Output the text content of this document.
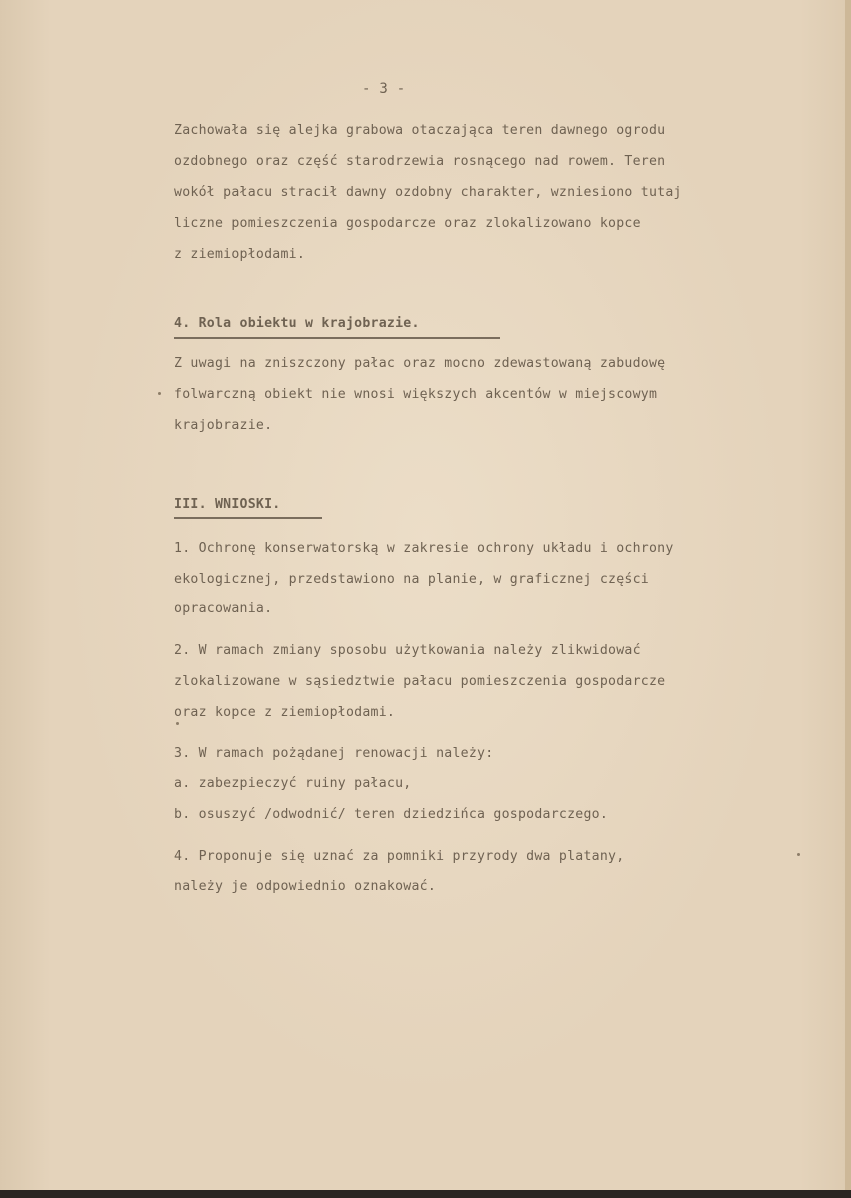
- 3 -
Zachowała się alejka grabowa otaczająca teren dawnego ogrodu
ozdobnego oraz część starodrzewia rosnącego nad rowem. Teren
wokół pałacu stracił dawny ozdobny charakter, wzniesiono tutaj
liczne pomieszczenia gospodarcze oraz zlokalizowano kopce
z ziemiopłodami.
4. Rola obiektu w krajobrazie.
Z uwagi na zniszczony pałac oraz mocno zdewastowaną zabudowę
folwarczną obiekt nie wnosi większych akcentów w miejscowym
krajobrazie.
III. WNIOSKI.
1. Ochronę konserwatorską w zakresie ochrony układu i ochrony
ekologicznej, przedstawiono na planie, w graficznej części
opracowania.
2. W ramach zmiany sposobu użytkowania należy zlikwidować
zlokalizowane w sąsiedztwie pałacu pomieszczenia gospodarcze
oraz kopce z ziemiopłodami.
3. W ramach pożądanej renowacji należy:
a. zabezpieczyć ruiny pałacu,
b. osuszyć /odwodnić/ teren dziedzińca gospodarczego.
4. Proponuje się uznać za pomniki przyrody dwa platany,
należy je odpowiednio oznakować.
